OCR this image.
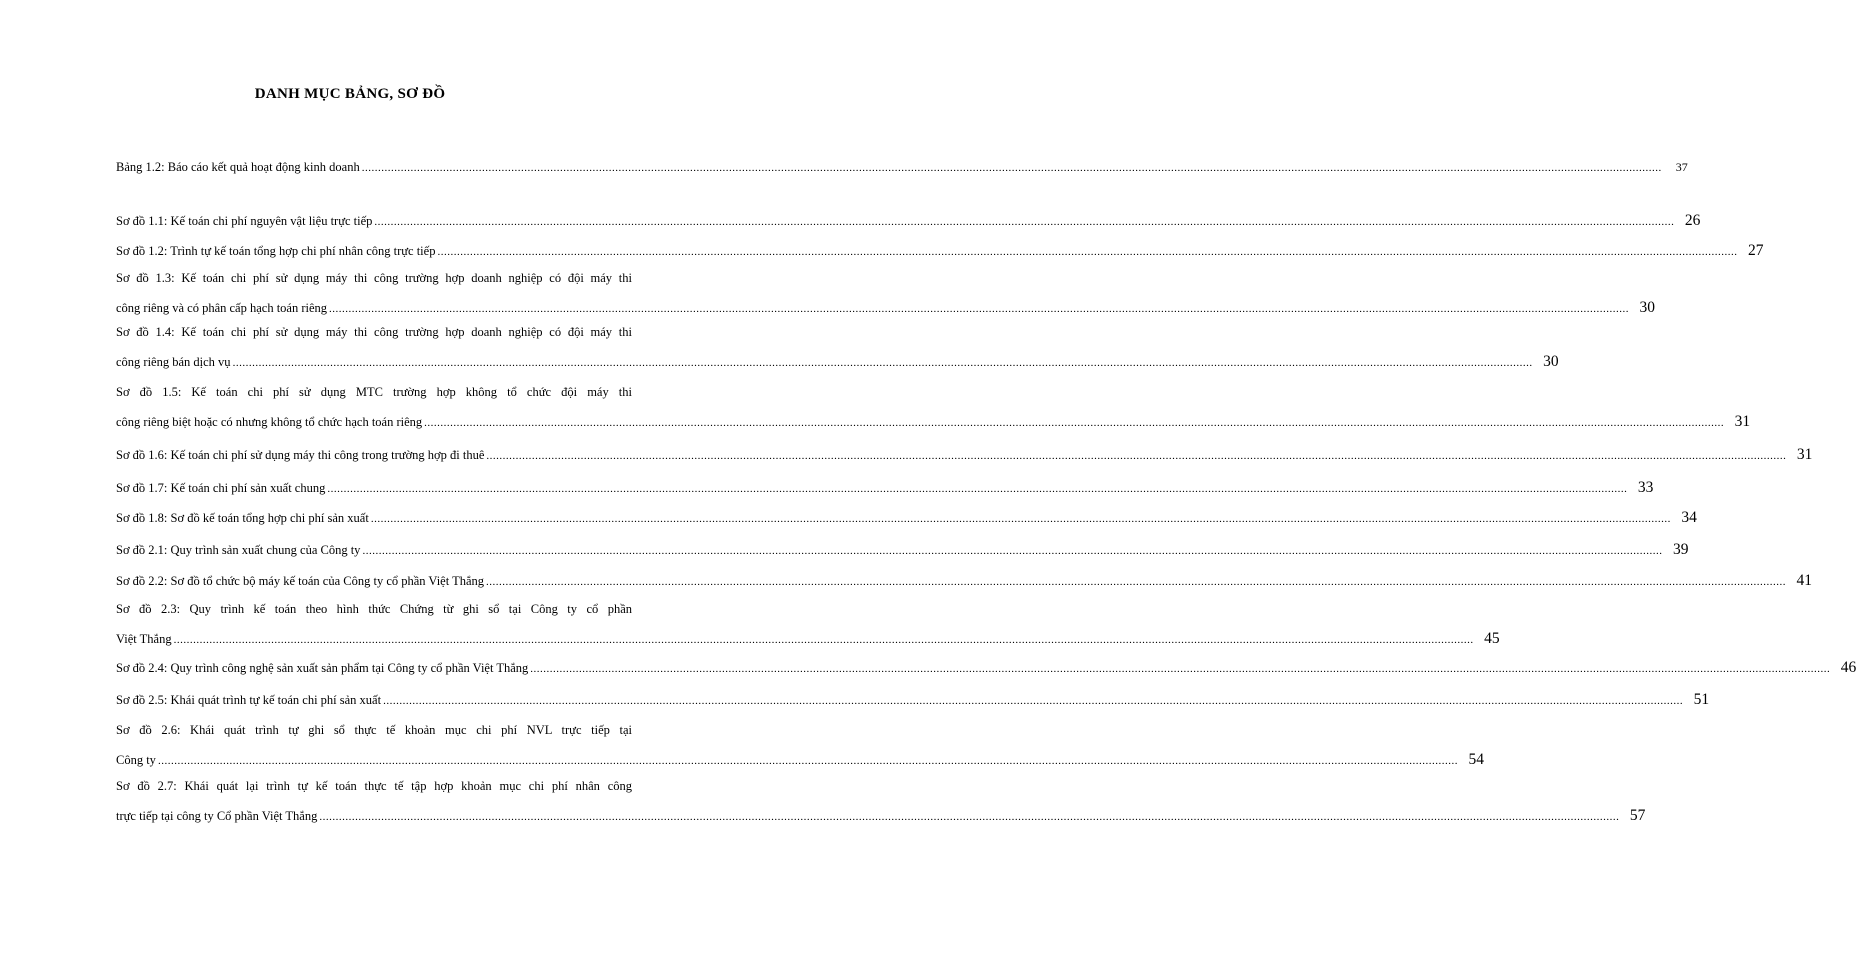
DANH MỤC BẢNG, SƠ ĐỒ
Bảng 1.2: Báo cáo kết quả hoạt động kinh doanh ................................................................................................................................................................................................................................................................................................................................................................................................................	37
Sơ đồ 1.1: Kế toán chi phí nguyên vật liệu trực tiếp ................................................................................................................................................................................................................................................................................................................................................................................................................ 26
Sơ đồ 1.2: Trình tự kế toán tổng hợp chi phí nhân công trực tiếp ................................................................................................................................................................................................................................................................................................................................................................................................................ 27
Sơ đồ 1.3: Kế toán chi phí sử dụng máy thi công trường hợp doanh nghiệp có đội máy thi
công riêng và có phân cấp hạch toán riêng ................................................................................................................................................................................................................................................................................................................................................................................................................ 30
Sơ đồ 1.4: Kế toán chi phí sử dụng máy thi công trường hợp doanh nghiệp có đội máy thi
công riêng bán dịch vụ ................................................................................................................................................................................................................................................................................................................................................................................................................ 30
Sơ đồ 1.5: Kế toán chi phí sử dụng MTC trường hợp không tổ chức đội máy thi
công riêng biệt hoặc có nhưng không tổ chức hạch toán riêng ................................................................................................................................................................................................................................................................................................................................................................................................................ 31
Sơ đồ 1.6: Kế toán chi phí sử dụng máy thi công trong trường hợp đi thuê ................................................................................................................................................................................................................................................................................................................................................................................................................ 31
Sơ đồ 1.7: Kế toán chi phí sản xuất chung ................................................................................................................................................................................................................................................................................................................................................................................................................ 33
Sơ đồ 1.8: Sơ đồ kế toán tổng hợp chi phí sản xuất ................................................................................................................................................................................................................................................................................................................................................................................................................ 34
Sơ đồ 2.1: Quy trình sản xuất chung của Công ty ................................................................................................................................................................................................................................................................................................................................................................................................................ 39
Sơ đồ 2.2: Sơ đồ tổ chức bộ máy kế toán của Công ty cổ phần Việt Thắng ................................................................................................................................................................................................................................................................................................................................................................................................................ 41
Sơ đồ 2.3: Quy trình kế toán theo hình thức Chứng từ ghi sổ tại Công ty cổ phần
Việt Thắng ................................................................................................................................................................................................................................................................................................................................................................................................................ 45
Sơ đồ 2.4: Quy trình công nghệ sản xuất sản phẩm tại Công ty cổ phần Việt Thắng ................................................................................................................................................................................................................................................................................................................................................................................................................ 46
Sơ đồ 2.5: Khái quát trình tự kế toán chi phí sản xuất ................................................................................................................................................................................................................................................................................................................................................................................................................ 51
Sơ đồ 2.6: Khái quát trình tự ghi sổ thực tế khoản mục chi phí NVL trực tiếp tại
Công ty ................................................................................................................................................................................................................................................................................................................................................................................................................ 54
Sơ đồ 2.7: Khái quát lại trình tự kế toán thực tế tập hợp khoản mục chi phí nhân công
trực tiếp tại công ty Cổ phần Việt Thắng ................................................................................................................................................................................................................................................................................................................................................................................................................ 57
